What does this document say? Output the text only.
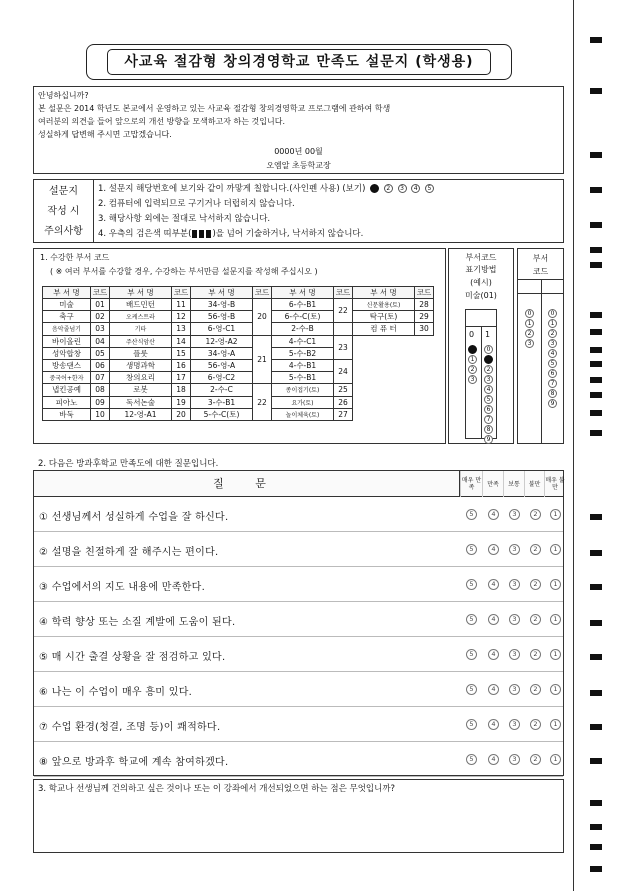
사교육 절감형 창의경영학교 만족도 설문지 (학생용)

안녕하십니까?

본 설문은 2014 학년도 본교에서 운영하고 있는 사교육 절감형 창의경영학교 프로그램에 관하여 학생

여러분의 의견을 들어 앞으로의 개선 방향을 모색하고자 하는 것입니다.

성실하게 답변해 주시면 고맙겠습니다.

0000년 00월

오엠알 초등학교장

설문지
작성 시
주의사항
1. 설문지 해당번호에 보기와 같이 까맣게 칠합니다.(사인펜 사용) (보기)	2 3 4 5
2. 컴퓨터에 입력되므로 구기거나 더럽히지 않습니다.
3. 해당사항 외에는 절대로 낙서하지 않습니다.
4. 우측의 검은색 띠부분( )을 넘어 기술하거나, 낙서하지 않습니다.
1. 수강한 부서 코드
( ※ 여러 부서를 수강할 경우, 수강하는 부서만큼 설문지를 작성해 주십시오 )
부 서 명	코드	부 서 명	코드	부 서 명	코드	부 서 명	코드	부 서 명	코드
미술	01	배드민턴	11	34-영-B	20	6-수-B1	22	신문활용(토)	28
축구	02	오케스트라	12	56-영-B		6-수-C(토)		탁구(토)	29
음악줄넘기	03	기타	13	6-영-C1		2-수-B		컴 퓨 터	30
바이올린	04	주산식암산	14	12-영-A2	21	4-수-C1	23		
성악합창	05	플룻	15	34-영-A		5-수-B2			
방송댄스	06	생명과학	16	56-영-A		4-수-B1	24		
중국어+한자	07	창의요리	17	6-영-C2		5-수-B1			
냅킨공예	08	로봇	18	2-수-C	22	종이접기(토)	25		
피아노	09	독서논술	19	3-수-B1		요가(토)	26		
바둑	10	12-영-A1	20	5-수-C(토)		놀이체육(토)	27		
부서코드 표기방법
(예시)
미술(01)
0 1
1
2
3
0
2
3
4
5
6
7
8
9
부서 코드
0
1
2
3
0
1
2
3
4
5
6
7
8
9
2. 다음은 방과후학교 만족도에 대한 질문입니다.
질 문	매우 만족	만족	보통	불만 매우 불만
① 선생님께서 성실하게 수업을 잘 하신다.	5	4	3	2	1
② 설명을 친절하게 잘 해주시는 편이다.	5	4	3	2	1
③ 수업에서의 지도 내용에 만족한다.	5	4	3	2	1
④ 학력 향상 또는 소질 계발에 도움이 된다.	5	4	3	2	1
⑤ 매 시간 출결 상황을 잘 점검하고 있다.	5	4	3	2	1
⑥ 나는 이 수업이 매우 흥미 있다.	5	4	3	2	1
⑦ 수업 환경(청결, 조명 등)이 쾌적하다.	5	4	3	2	1
⑧ 앞으로 방과후 학교에 계속 참여하겠다.	5	4	3	2	1
3. 학교나 선생님께 건의하고 싶은 것이나 또는 이 강좌에서 개선되었으면 하는 점은 무엇입니까?
